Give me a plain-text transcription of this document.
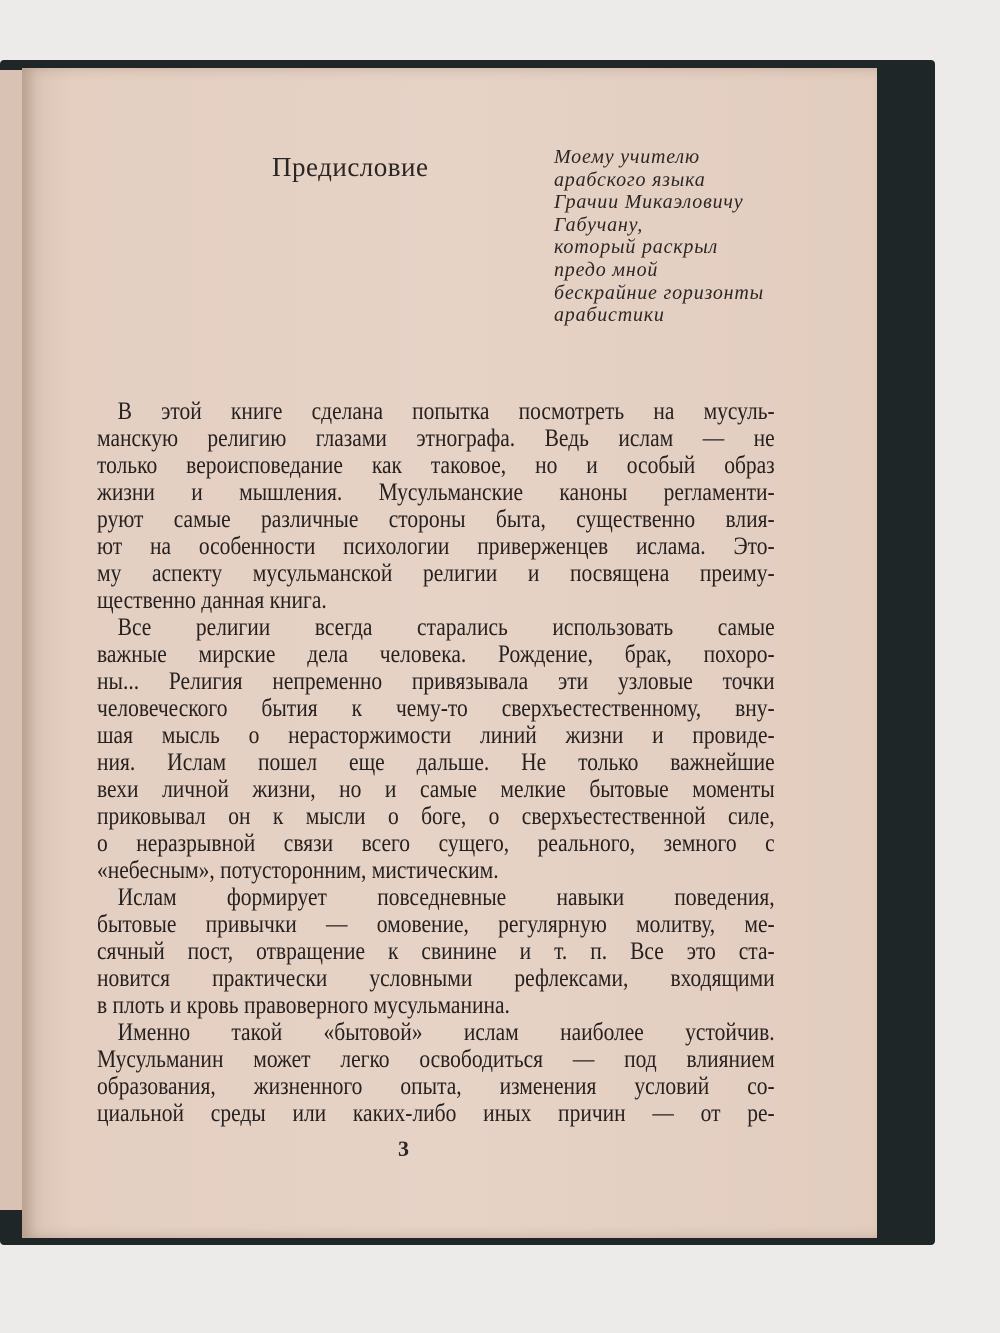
Предисловие	Моему учителю
арабского языка
Грачии Микаэловичу
Габучану,
который раскрыл
предо мной
бескрайние горизонты
арабистики
В этой книге сделана попытка посмотреть на мусуль-
манскую религию глазами этнографа. Ведь ислам — не
только вероисповедание как таковое, но и особый образ
жизни и мышления. Мусульманские каноны регламенти-
руют самые различные стороны быта, существенно влия-
ют на особенности психологии приверженцев ислама. Это-
му аспекту мусульманской религии и посвящена преиму-
щественно данная книга.
Все религии всегда старались использовать самые
важные мирские дела человека. Рождение, брак, похоро-
ны... Религия непременно привязывала эти узловые точки
человеческого бытия к чему-то сверхъестественному, вну-
шая мысль о нерасторжимости линий жизни и провиде-
ния. Ислам пошел еще дальше. Не только важнейшие
вехи личной жизни, но и самые мелкие бытовые моменты
приковывал он к мысли о боге, о сверхъестественной силе,
о неразрывной связи всего сущего, реального, земного с
«небесным», потусторонним, мистическим.
Ислам формирует повседневные навыки поведения,
бытовые привычки — омовение, регулярную молитву, ме-
сячный пост, отвращение к свинине и т. п. Все это ста-
новится практически условными рефлексами, входящими
в плоть и кровь правоверного мусульманина.
Именно такой «бытовой» ислам наиболее устойчив.
Мусульманин может легко освободиться — под влиянием
образования, жизненного опыта, изменения условий со-
циальной среды или каких-либо иных причин — от ре-
3
